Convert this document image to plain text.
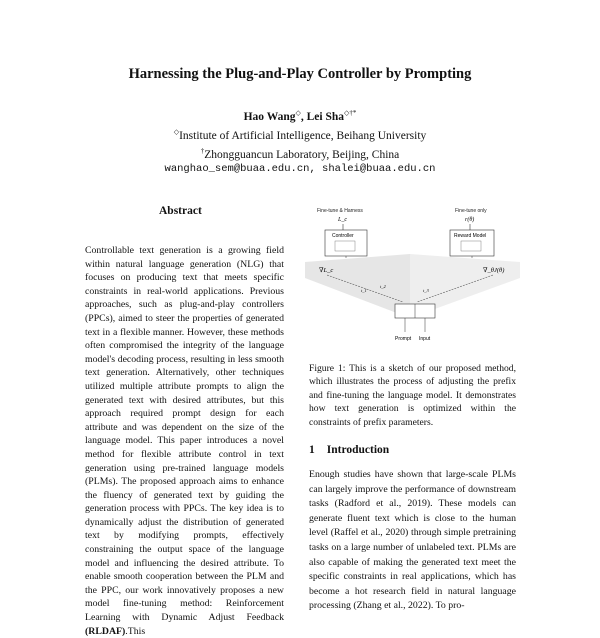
Harnessing the Plug-and-Play Controller by Prompting
Hao Wang◇, Lei Sha◇†*
◇Institute of Artificial Intelligence, Beihang University
†Zhongguancun Laboratory, Beijing, China
wanghao_sem@buaa.edu.cn, shalei@buaa.edu.cn
Abstract

Controllable text generation is a growing field within natural language generation (NLG) that focuses on producing text that meets specific constraints in real-world applications. Previous approaches, such as plug-and-play controllers (PPCs), aimed to steer the properties of generated text in a flexible manner. However, these methods often compromised the integrity of the language model's decoding process, resulting in less smooth text generation. Alternatively, other techniques utilized multiple attribute prompts to align the generated text with desired attributes, but this approach required prompt design for each attribute and was dependent on the size of the language model. This paper introduces a novel method for flexible attribute control in text generation using pre-trained language models (PLMs). The proposed approach aims to enhance the fluency of generated text by guiding the generation process with PPCs. The key idea is to dynamically adjust the distribution of generated text by modifying prompts, effectively constraining the output space of the language model and influencing the desired attribute. To enable smooth cooperation between the PLM and the PPC, our work innovatively proposes a new model fine-tuning method: Reinforcement Learning with Dynamic Adjust Feedback (RLDAF).This

Fine-tune & Harness	Fine-tune only
L_c	r(θ)
Controller	Reward Model
∇L_c	∇_θJ(θ)
t_1
t_2
t_3
Prompt Input

Figure 1: This is a sketch of our proposed method, which illustrates the process of adjusting the prefix and fine-tuning the language model. It demonstrates how text generation is optimized within the constraints of prefix parameters.

1 Introduction

Enough studies have shown that large-scale PLMs can largely improve the performance of downstream tasks (Radford et al., 2019). These models can generate fluent text which is close to the human level (Raffel et al., 2020) through simple pretraining tasks on a large number of unlabeled text. PLMs are also capable of making the generated text meet the specific constraints in real applications, which has become a hot research field in natural language processing (Zhang et al., 2022). To pro-
